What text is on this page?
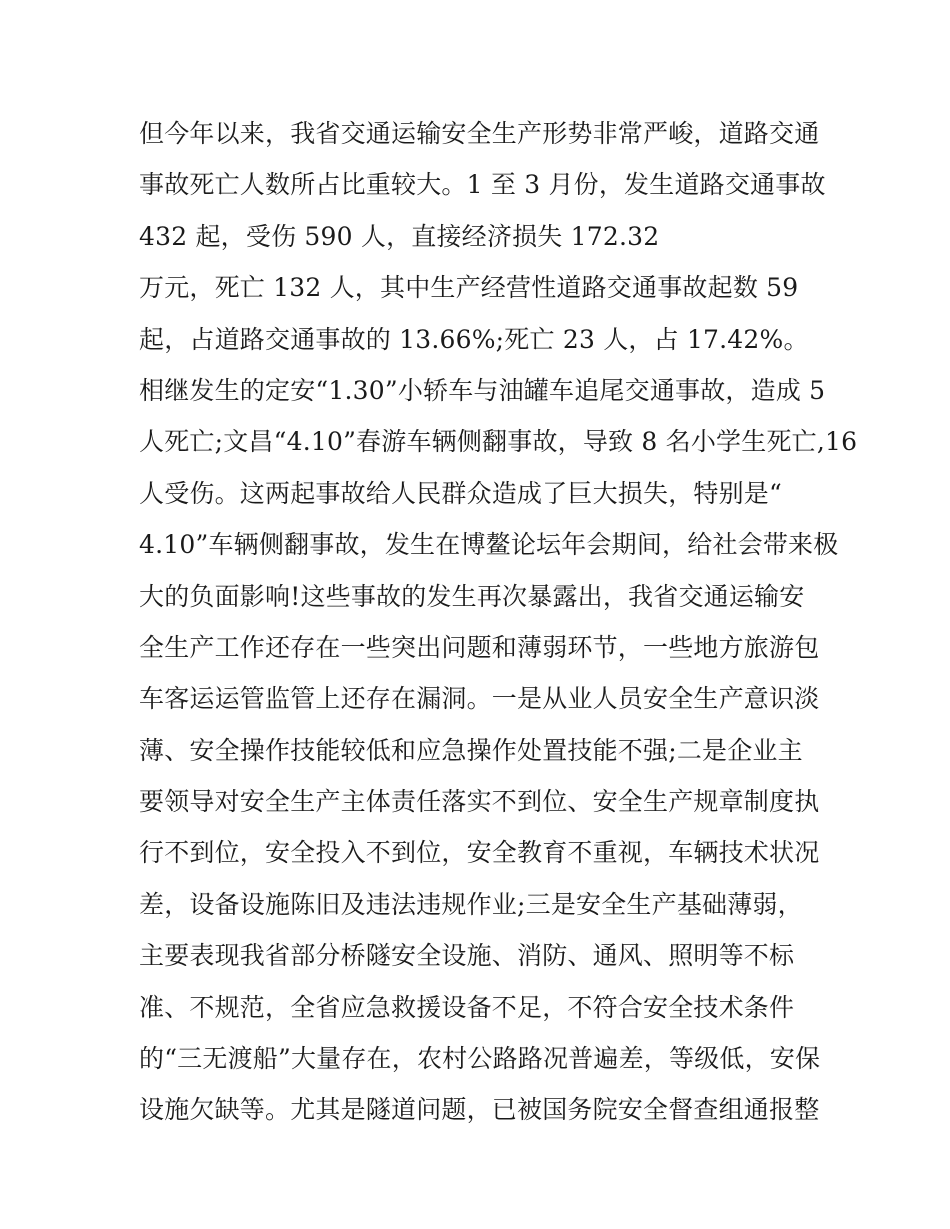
但今年以来，我省交通运输安全生产形势非常严峻，道路交通
事故死亡人数所占比重较大。1 至 3 月份，发生道路交通事故
432 起，受伤 590 人，直接经济损失 172.32
万元，死亡 132 人，其中生产经营性道路交通事故起数 59
起，占道路交通事故的 13.66%;死亡 23 人，占 17.42%。
相继发生的定安“1.30”小轿车与油罐车追尾交通事故，造成 5
人死亡;文昌“4.10”春游车辆侧翻事故，导致 8 名小学生死亡,16
人受伤。这两起事故给人民群众造成了巨大损失，特别是“
4.10”车辆侧翻事故，发生在博鳌论坛年会期间，给社会带来极
大的负面影响!这些事故的发生再次暴露出，我省交通运输安
全生产工作还存在一些突出问题和薄弱环节，一些地方旅游包
车客运运管监管上还存在漏洞。一是从业人员安全生产意识淡
薄、安全操作技能较低和应急操作处置技能不强;二是企业主
要领导对安全生产主体责任落实不到位、安全生产规章制度执
行不到位，安全投入不到位，安全教育不重视，车辆技术状况
差，设备设施陈旧及违法违规作业;三是安全生产基础薄弱，
主要表现我省部分桥隧安全设施、消防、通风、照明等不标
准、不规范，全省应急救援设备不足，不符合安全技术条件
的“三无渡船”大量存在，农村公路路况普遍差，等级低，安保
设施欠缺等。尤其是隧道问题，已被国务院安全督查组通报整
